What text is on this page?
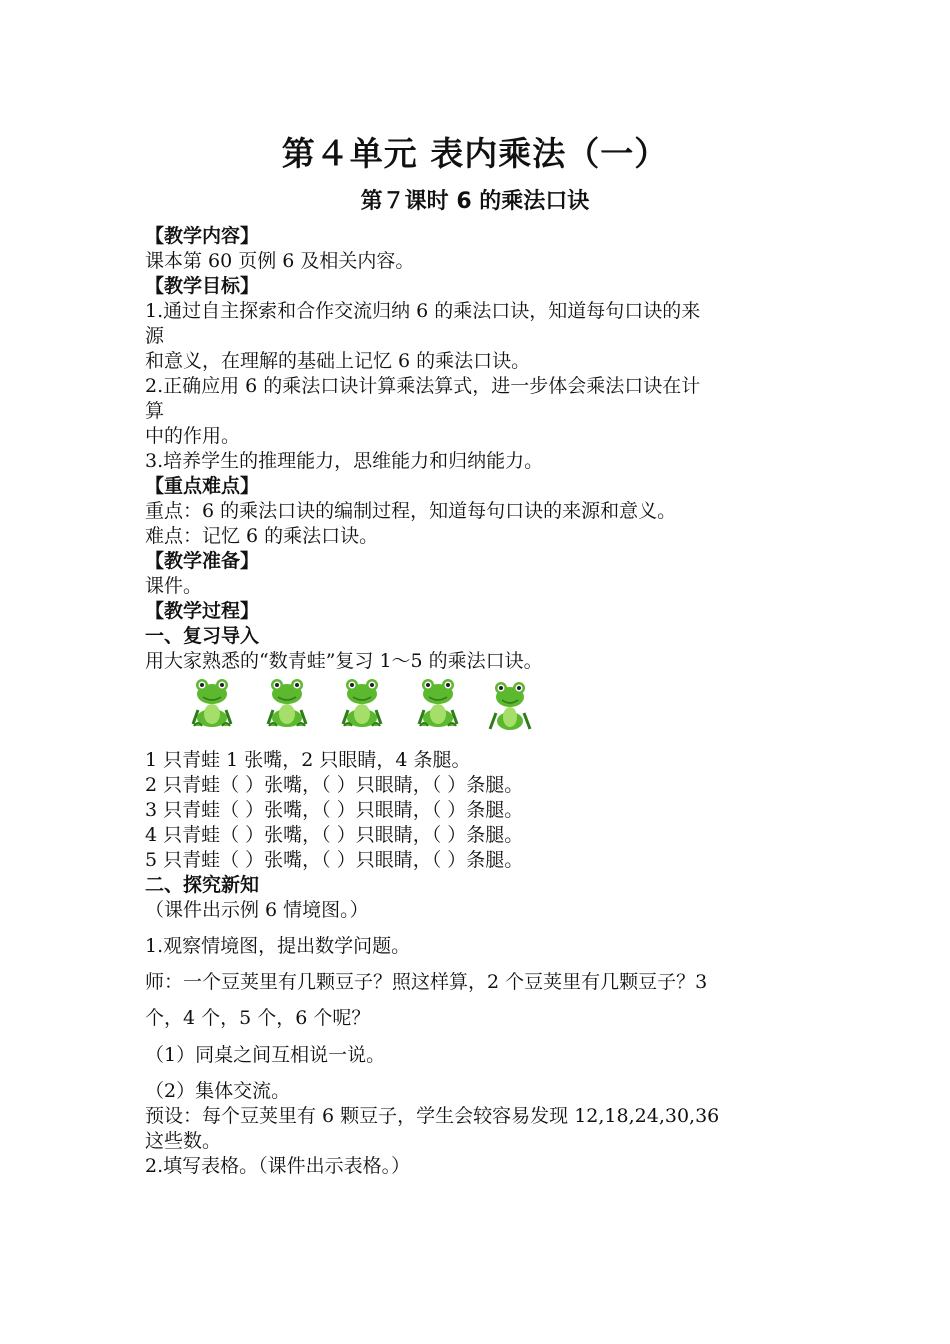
第４单元 表内乘法（一）
第７课时 6 的乘法口诀
【教学内容】
课本第 60 页例 6 及相关内容。
【教学目标】
1.通过自主探索和合作交流归纳 6 的乘法口诀，知道每句口诀的来
源
和意义，在理解的基础上记忆 6 的乘法口诀。
2.正确应用 6 的乘法口诀计算乘法算式，进一步体会乘法口诀在计
算
中的作用。
3.培养学生的推理能力，思维能力和归纳能力。
【重点难点】
重点：6 的乘法口诀的编制过程，知道每句口诀的来源和意义。
难点：记忆 6 的乘法口诀。
【教学准备】
课件。
【教学过程】
一、复习导入
用大家熟悉的“数青蛙”复习 1～5 的乘法口诀。
1 只青蛙 1 张嘴，2 只眼睛，4 条腿。
2 只青蛙（ ）张嘴，（ ）只眼睛，（ ）条腿。
3 只青蛙（ ）张嘴，（ ）只眼睛，（ ）条腿。
4 只青蛙（ ）张嘴，（ ）只眼睛，（ ）条腿。
5 只青蛙（ ）张嘴，（ ）只眼睛，（ ）条腿。
二、探究新知
（课件出示例 6 情境图。）
1.观察情境图，提出数学问题。
师：一个豆荚里有几颗豆子？照这样算，2 个豆荚里有几颗豆子？3
个，4 个，5 个，6 个呢？
（1）同桌之间互相说一说。
（2）集体交流。
预设：每个豆荚里有 6 颗豆子，学生会较容易发现 12,18,24,30,36
这些数。
2.填写表格。（课件出示表格。）
